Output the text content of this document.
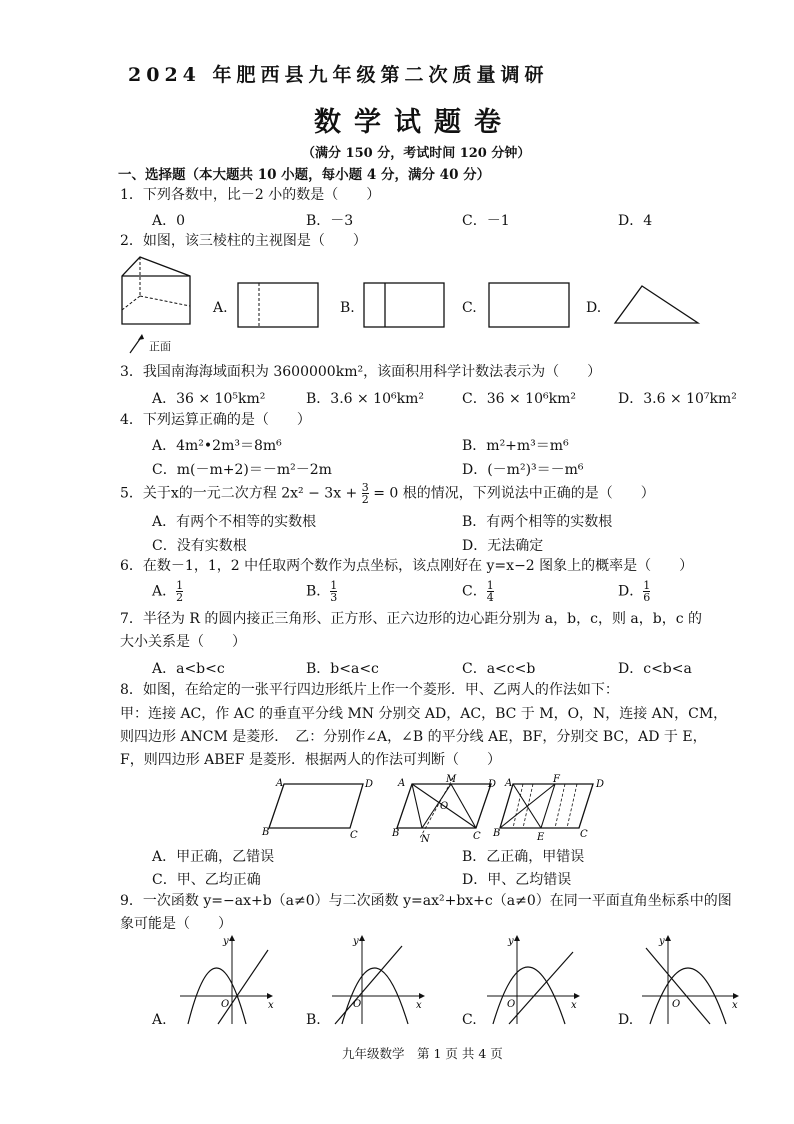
2024 年肥西县九年级第二次质量调研
数学试题卷
（满分 150 分，考试时间 120 分钟）
一、选择题（本大题共 10 小题，每小题 4 分，满分 40 分）
1．下列各数中，比－2 小的数是（　　）
A．0	B．－3	C．－1	D．4
2．如图，该三棱柱的主视图是（　　）
正面
A.	B.	C.	D.
3．我国南海海域面积为 3600000km²，该面积用科学计数法表示为（　　）
A．36 × 10⁵km²	B．3.6 × 10⁶km²	C．36 × 10⁶km²	D．3.6 × 10⁷km²
4．下列运算正确的是（　　）
A．4m²•2m³＝8m⁶	B．m²+m³＝m⁶
C．m(－m+2)＝－m²－2m	D．(－m²)³＝－m⁶
5．关于x的一元二次方程 $2x^2 - 3x + \frac{3}{2} = 0$ 根的情况，下列说法中正确的是（　　）
A．有两个不相等的实数根	B．有两个相等的实数根
C．没有实数根	D．无法确定
6．在数－1，1，2 中任取两个数作为点坐标，该点刚好在 y=x−2 图象上的概率是（　　）
A． $\frac{1}{2}$	B． $\frac{1}{3}$	C． $\frac{1}{4}$	D． $\frac{1}{6}$
7．半径为 R 的圆内接正三角形、正方形、正六边形的边心距分别为 a，b，c，则 a，b，c 的
大小关系是（　　）
A．a<b<c	B．b<a<c	C．a<c<b	D．c<b<a
8．如图，在给定的一张平行四边形纸片上作一个菱形．甲、乙两人的作法如下：
甲：连接 AC，作 AC 的垂直平分线 MN 分别交 AD，AC，BC 于 M，O，N，连接 AN，CM，
则四边形 ANCM 是菱形．　乙：分别作∠A，∠B 的平分线 AE，BF，分别交 BC，AD 于 E，
F，则四边形 ABEF 是菱形．根据两人的作法可判断（　　）
A	D
B	C
A	M	D
O
B
N	C
A	F	D
B	E	C
A．甲正确，乙错误	B．乙正确，甲错误
C．甲、乙均正确	D．甲、乙均错误
9．一次函数 y=−ax+b（a≠0）与二次函数 y=ax²+bx+c（a≠0）在同一平面直角坐标系中的图
象可能是（　　）
A.
x
y
O
B.
x
y
O
C.
x
y
O
D.
x
y
O
九年级数学　第 1 页 共 4 页
